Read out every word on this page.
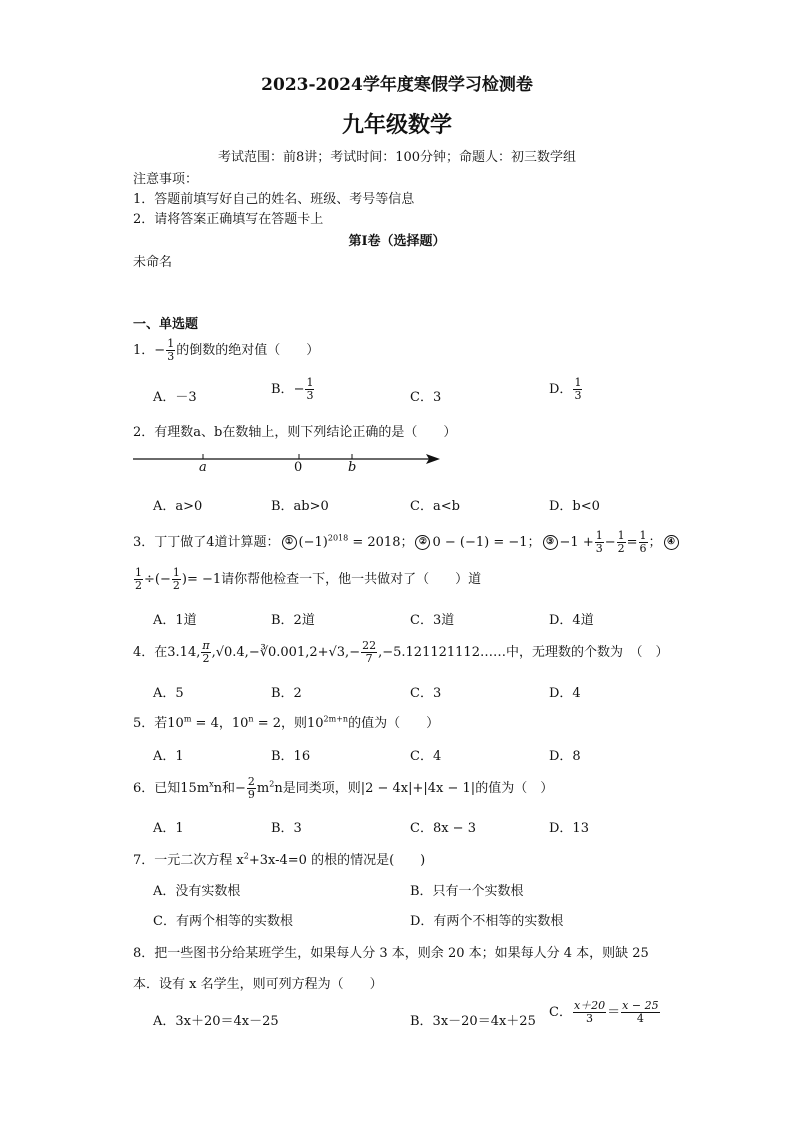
2023-2024学年度寒假学习检测卷
九年级数学
考试范围：前8讲；考试时间：100分钟；命题人：初三数学组
注意事项：
1．答题前填写好自己的姓名、班级、考号等信息
2．请将答案正确填写在答题卡上
第I卷（选择题）
未命名
一、单选题
1．− $\frac{1}{3}$ 的倒数的绝对值（　　）
A．－3
B．− $\frac{1}{3}$	C．3
D． $\frac{1}{3}$
2．有理数a、b在数轴上，则下列结论正确的是（　　）
a	0	b
A．a>0	B．ab>0	C．a<b	D．b<0
3．丁丁做了4道计算题： ① $(-1)^{2018} = 2018$； ② 0 − (−1) = −1； ③ $-1 + \frac{1}{3} - \frac{1}{2} = \frac{1}{6}$ ； ④
$\frac{1}{2}$ ÷(− $\frac{1}{2}$ )= −1请你帮他检查一下，他一共做对了（　　）道
A．1道	B．2道	C．3道	D．4道
4．在3.14, $\frac{\pi}{2}$ ,√0.4,−∛0.001,2+√3,− $\frac{22}{7}$ ,−5.121121112……中，无理数的个数为　（　）
A．5	B．2	C．3	D．4
5．若$10^m = 4$，$10^n = 2$，则$10^{2m+n}$的值为（　　）
A．1	B．16	C．4	D．8
6．已知$15m^xn$和− $\frac{2}{9} m^2n$是同类项，则|2 − 4x|+|4x − 1|的值为（　）
A．1	B．3	C．8x − 3	D．13
7．一元二次方程 $x^2+3x-4=0$ 的根的情况是(　　)
A．没有实数根	B．只有一个实数根
C．有两个相等的实数根	D．有两个不相等的实数根
8．把一些图书分给某班学生，如果每人分 3 本，则余 20 本；如果每人分 4 本，则缺 25
本．设有 x 名学生，则可列方程为（　　）
A．3x＋20＝4x－25	B．3x－20＝4x＋25
C． $\frac{x+20}{3} = \frac{x - 25}{4}$
